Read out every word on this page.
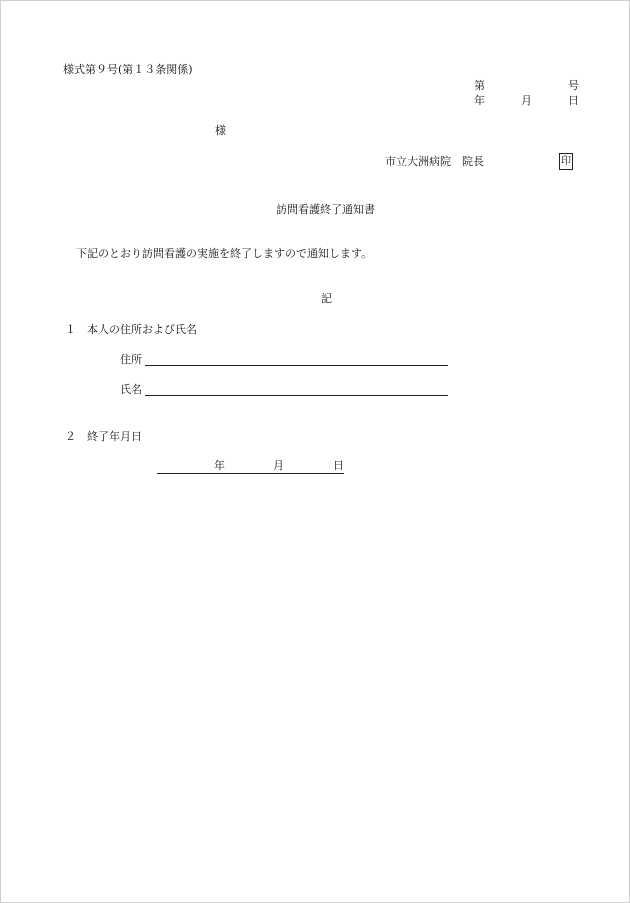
様式第９号(第１３条関係)
第	号
年	月	日
様
市立大洲病院　院長	印
訪問看護終了通知書
下記のとおり訪問看護の実施を終了しますので通知します。
記
１　本人の住所および氏名
住所
氏名
２　終了年月日
年	月	日
